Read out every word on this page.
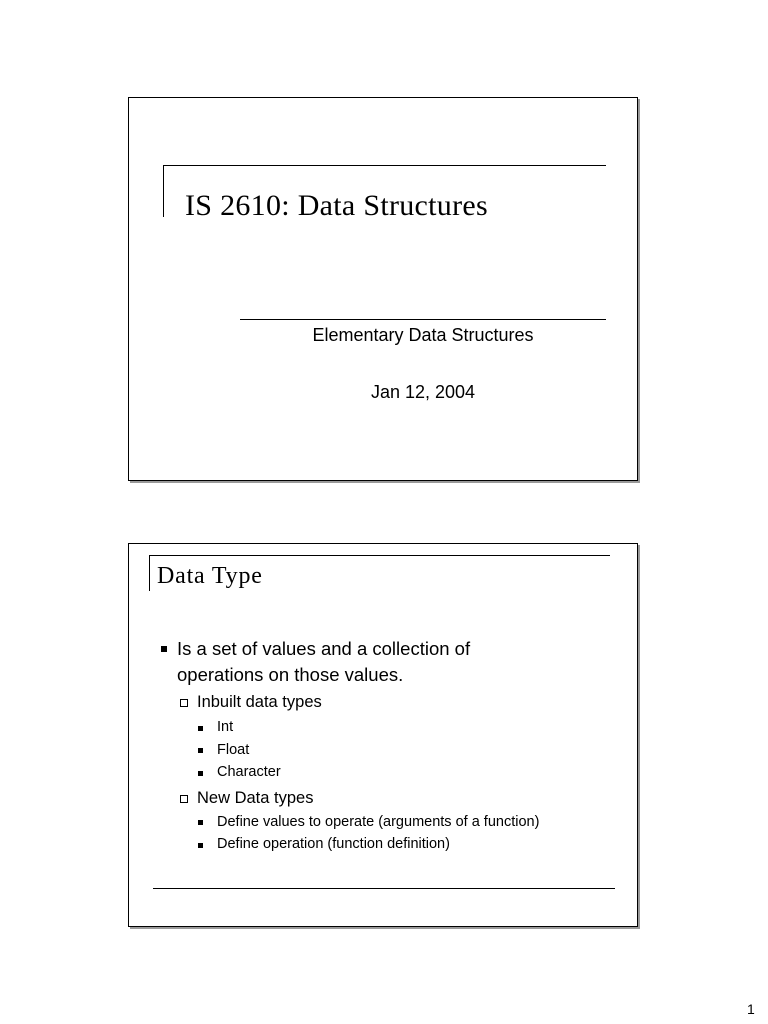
IS 2610: Data Structures
Elementary Data Structures
Jan 12, 2004
Data Type
Is a set of values and a collection of
operations on those values.
Inbuilt data types
Int
Float
Character
New Data types
Define values to operate (arguments of a function)
Define operation (function definition)
1
